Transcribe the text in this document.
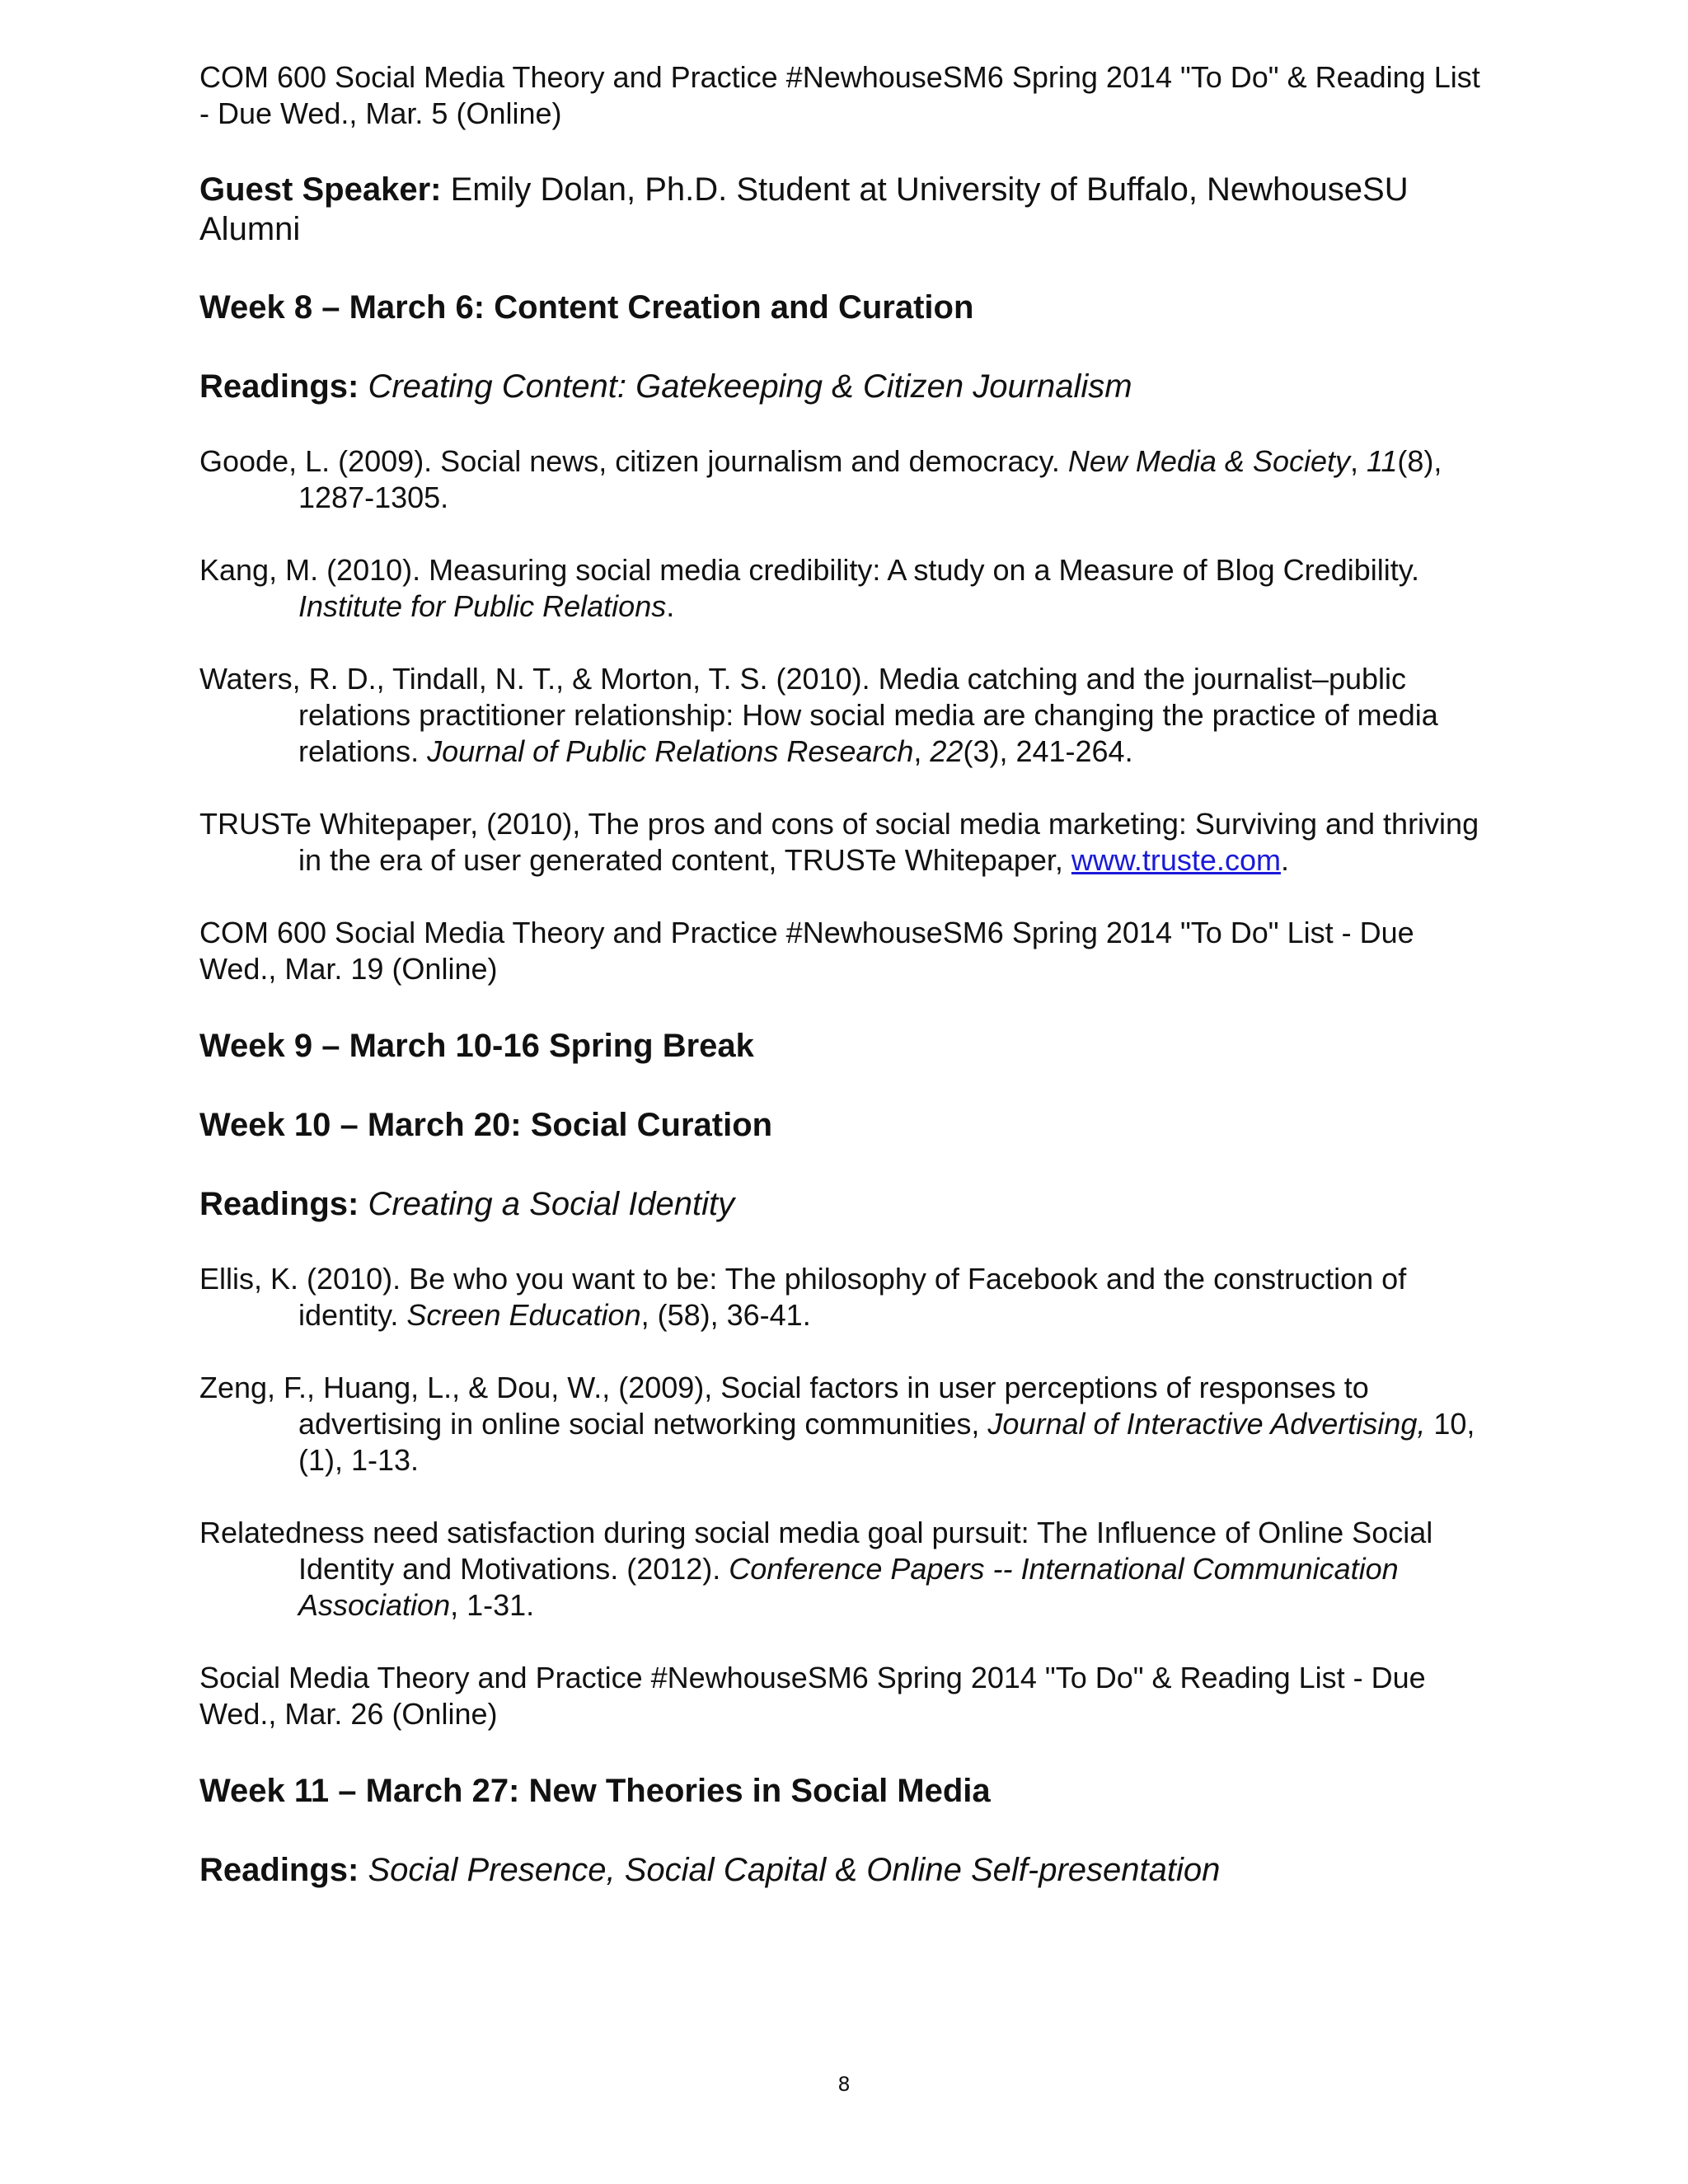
COM 600 Social Media Theory and Practice #NewhouseSM6 Spring 2014 "To Do" & Reading List - Due Wed., Mar. 5 (Online)

Guest Speaker: Emily Dolan, Ph.D. Student at University of Buffalo, NewhouseSU Alumni

Week 8 – March 6: Content Creation and Curation

Readings: Creating Content: Gatekeeping & Citizen Journalism

Goode, L. (2009). Social news, citizen journalism and democracy. New Media & Society, 11(8), 1287-1305.

Kang, M. (2010). Measuring social media credibility: A study on a Measure of Blog Credibility. Institute for Public Relations.

Waters, R. D., Tindall, N. T., & Morton, T. S. (2010). Media catching and the journalist–public relations practitioner relationship: How social media are changing the practice of media relations. Journal of Public Relations Research, 22(3), 241-264.

TRUSTe Whitepaper, (2010), The pros and cons of social media marketing: Surviving and thriving in the era of user generated content, TRUSTe Whitepaper, www.truste.com.

COM 600 Social Media Theory and Practice #NewhouseSM6 Spring 2014 "To Do" List - Due Wed., Mar. 19 (Online)

Week 9 – March 10-16 Spring Break
Week 10 – March 20: Social Curation

Readings: Creating a Social Identity

Ellis, K. (2010). Be who you want to be: The philosophy of Facebook and the construction of identity. Screen Education, (58), 36-41.

Zeng, F., Huang, L., & Dou, W., (2009), Social factors in user perceptions of responses to advertising in online social networking communities, Journal of Interactive Advertising, 10, (1), 1-13.

Relatedness need satisfaction during social media goal pursuit: The Influence of Online Social Identity and Motivations. (2012). Conference Papers -- International Communication Association, 1-31.

Social Media Theory and Practice #NewhouseSM6 Spring 2014 "To Do" & Reading List - Due Wed., Mar. 26 (Online)

Week 11 – March 27: New Theories in Social Media

Readings: Social Presence, Social Capital & Online Self-presentation

8
